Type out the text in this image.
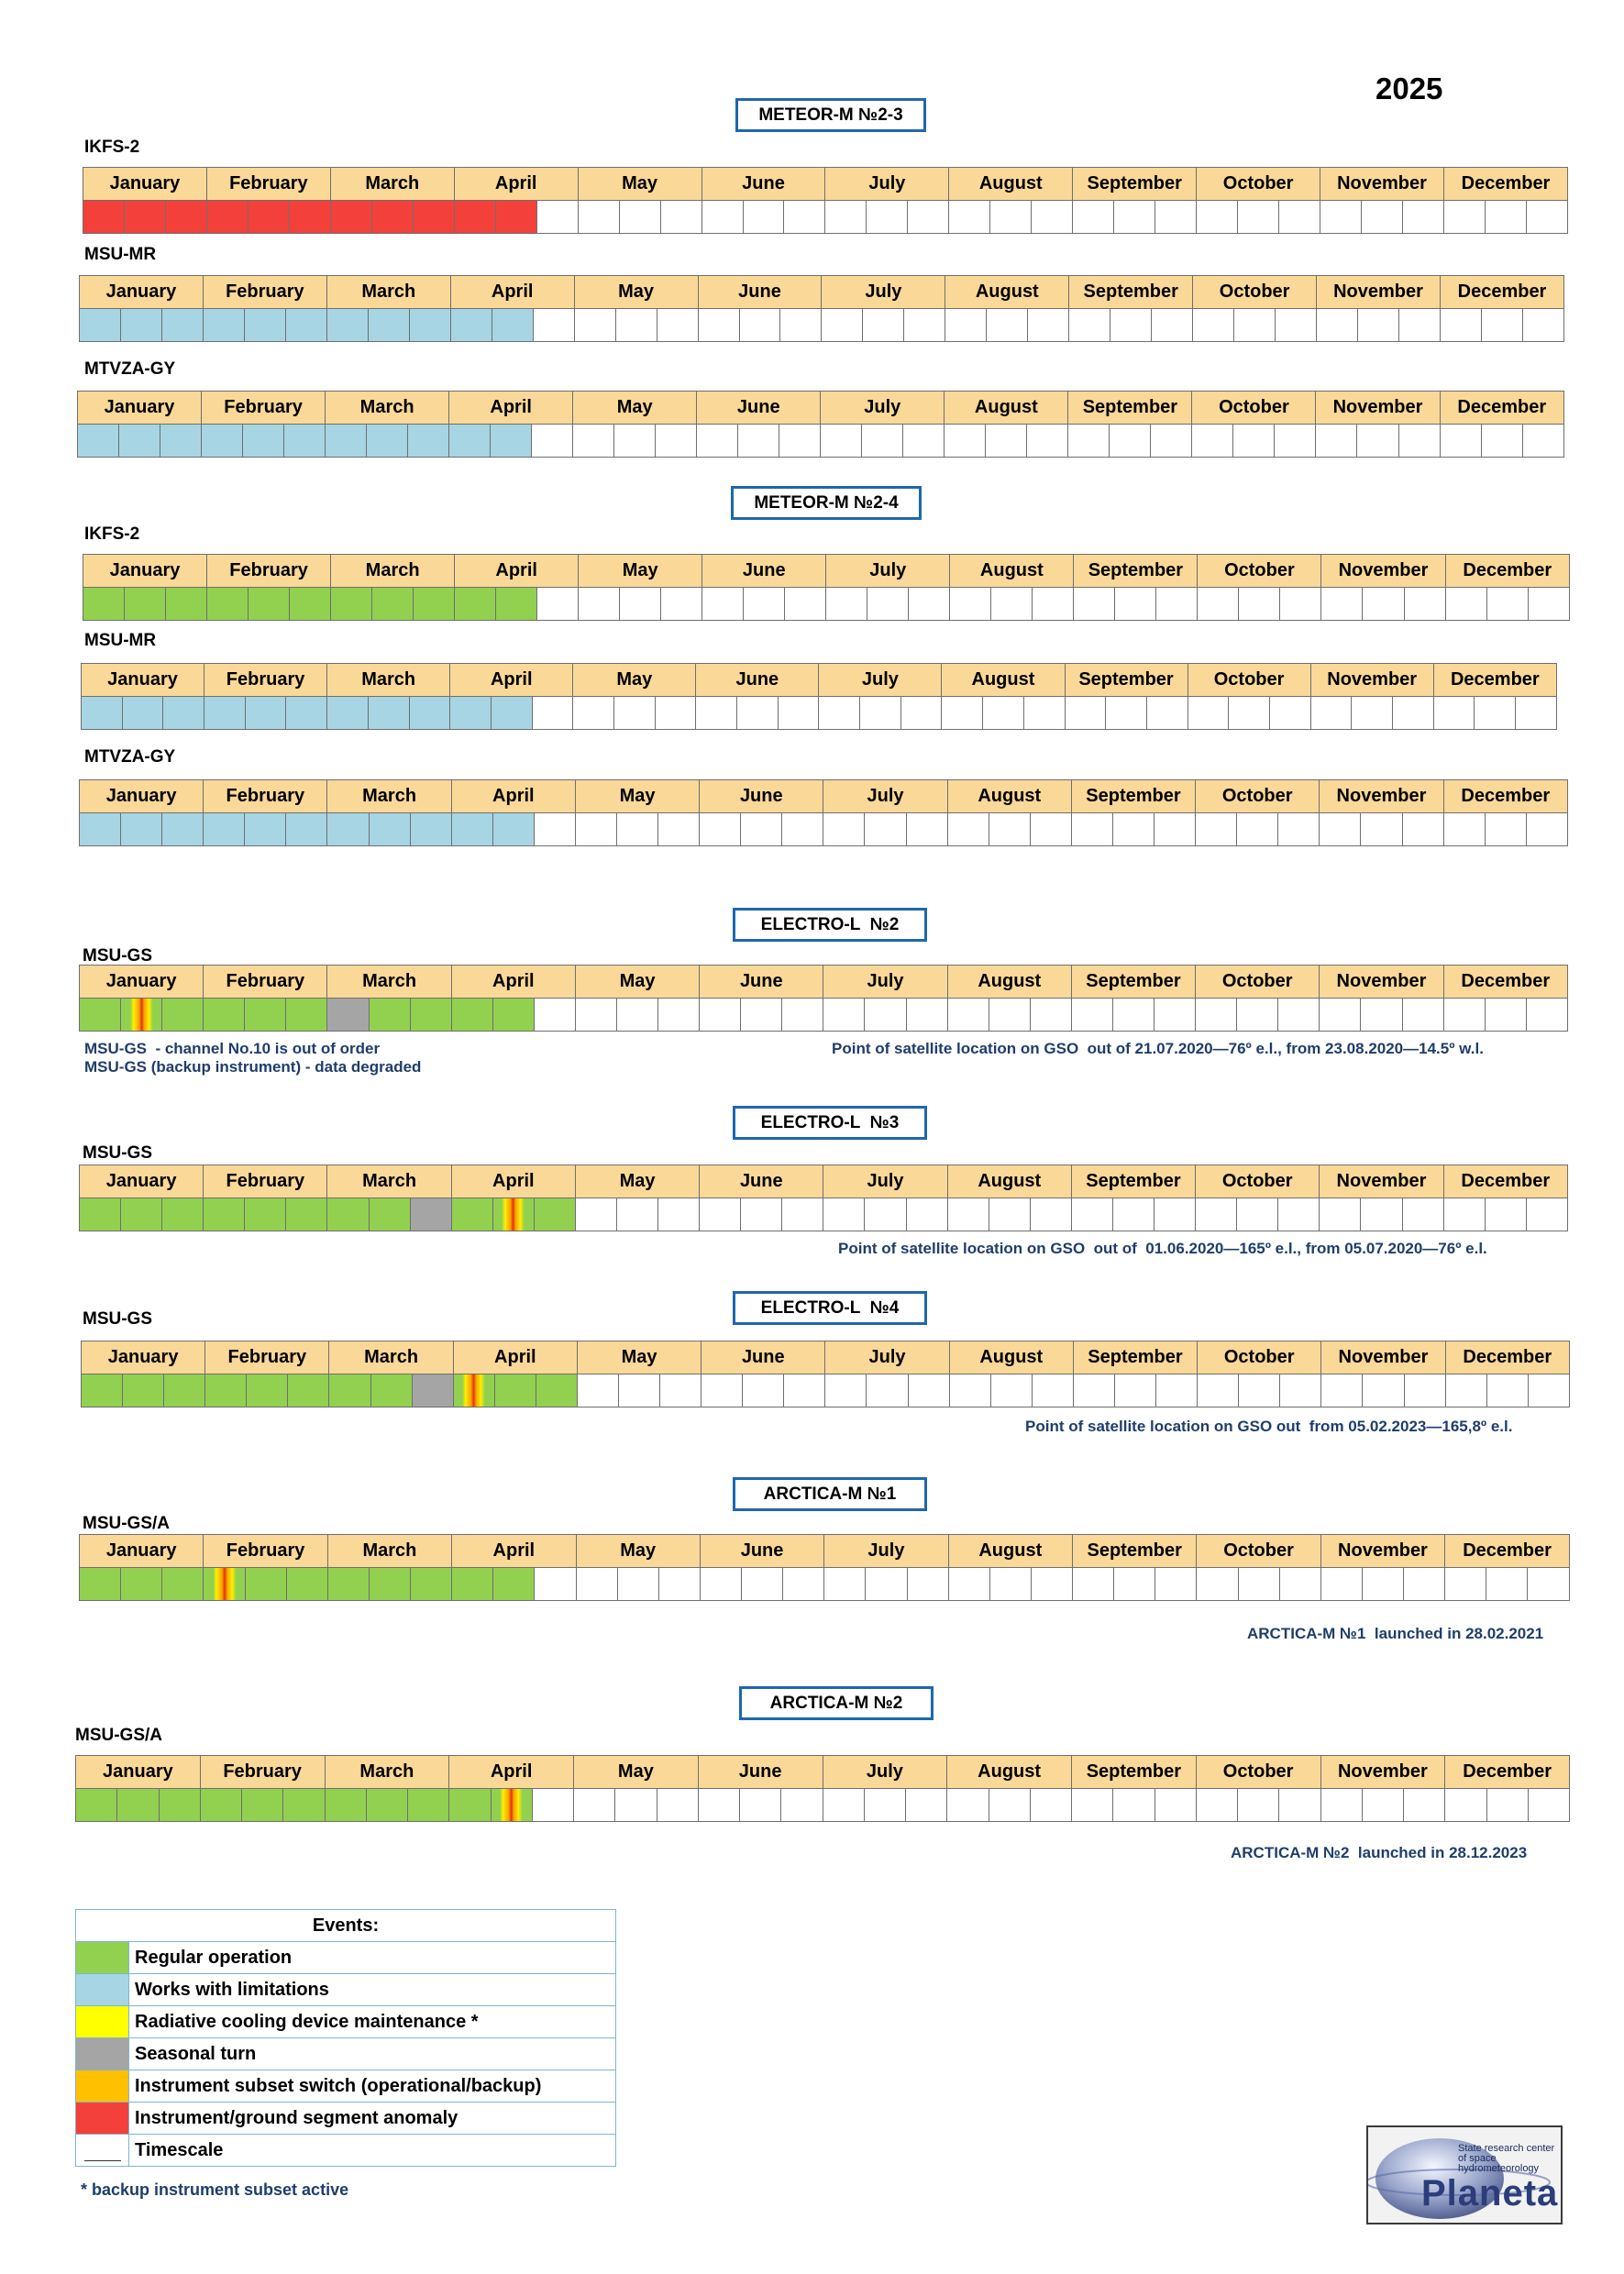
2025
METEOR-M №2-3
IKFS-2
January			February			March			April			May			June			July			August			September			October			November			December		

MSU-MR
January			February			March			April			May			June			July			August			September			October			November			December		

MTVZA-GY
January			February			March			April			May			June			July			August			September			October			November			December		

METEOR-M №2-4
IKFS-2
January			February			March			April			May			June			July			August			September			October			November			December		

MSU-MR
January			February			March			April			May			June			July			August			September			October			November			December		

MTVZA-GY
January			February			March			April			May			June			July			August			September			October			November			December		

ELECTRO-L  №2
MSU-GS
January			February			March			April			May			June			July			August			September			October			November			December		

ELECTRO-L  №3
MSU-GS
January			February			March			April			May			June			July			August			September			October			November			December		

ELECTRO-L  №4
MSU-GS
January			February			March			April			May			June			July			August			September			October			November			December		

ARCTICA-M №1
MSU-GS/A
January			February			March			April			May			June			July			August			September			October			November			December		

ARCTICA-M №2
MSU-GS/A
January			February			March			April			May			June			July			August			September			October			November			December		

MSU-GS  - channel No.10 is out of order
MSU-GS (backup instrument) - data degraded
Point of satellite location on GSO  out of 21.07.2020—76º e.l., from 23.08.2020—14.5º w.l.
Point of satellite location on GSO  out of  01.06.2020—165º e.l., from 05.07.2020—76º e.l.
Point of satellite location on GSO out  from 05.02.2023—165,8º e.l.
ARCTICA-M №1  launched in 28.02.2021
ARCTICA-M №2  launched in 28.12.2023
Events:	
	Regular operation
	Works with limitations
	Radiative cooling device maintenance *
	Seasonal turn
	Instrument subset switch (operational/backup)
	Instrument/ground segment anomaly

	Timescale
* backup instrument subset active
State research center of space hydrometeorology
Planeta
